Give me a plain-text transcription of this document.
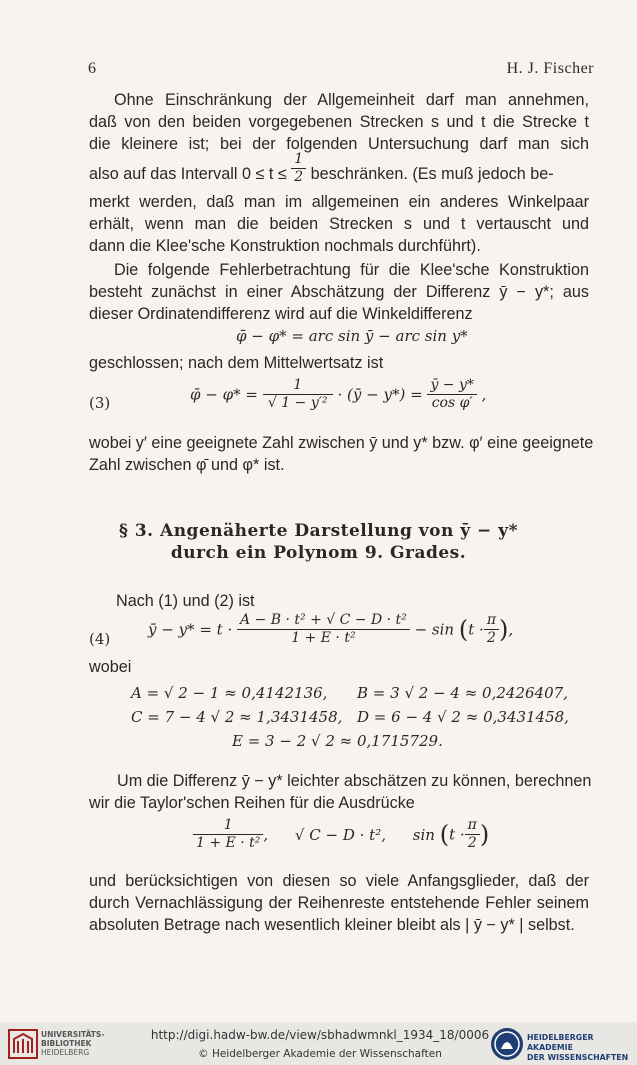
6	H. J. Fischer
Ohne Einschränkung der Allgemeinheit darf man annehmen,
daß von den beiden vorgegebenen Strecken s und t die Strecke t
die kleinere ist; bei der folgenden Untersuchung darf man sich
also auf das Intervall $0 \le t \le \frac{1}{2}$ beschränken. (Es muß jedoch be-
merkt werden, daß man im allgemeinen ein anderes Winkelpaar
erhält, wenn man die beiden Strecken s und t vertauscht und
dann die Klee'sche Konstruktion nochmals durchführt).
Die folgende Fehlerbetrachtung für die Klee'sche Konstruktion
besteht zunächst in einer Abschätzung der Differenz ȳ − y*; aus
dieser Ordinatendifferenz wird auf die Winkeldifferenz
φ̄ − φ* = arc sin ȳ − arc sin y*
geschlossen; nach dem Mittelwertsatz ist
(3)	φ̄ − $\varphi* = \frac{1}{\text{√ 1 − y′²}}$ · (ȳ − $y*) = \frac{ȳ - y*}{\text{cos φ′}}$ ,
wobei y′ eine geeignete Zahl zwischen ȳ und y* bzw. φ′ eine geeignete
Zahl zwischen φ̄ und φ* ist.
§ 3. Angenäherte Darstellung von ȳ − y*
durch ein Polynom 9. Grades.
Nach (1) und (2) ist
(4)
ȳ − $y* = t \cdot \frac{\text{A − B · t² + √ C − D · t²}}{\text{1 + E · t²}} - \sin (t \cdot \frac{\pi}{2}$ ),
wobei
A = √ 2 − 1 ≈ 0,4142136, B = 3 √ 2 − 4 ≈ 0,2426407,
C = 7 − 4 √ 2 ≈ 1,3431458, D = 6 − 4 √ 2 ≈ 0,3431458,
E = 3 − 2 √ 2 ≈ 0,1715729.
Um die Differenz ȳ − y* leichter abschätzen zu können, berechnen
wir die Taylor'schen Reihen für die Ausdrücke
$\frac{1}{\text{1 + E · t²}}$ , √ C − D · t², $\sin (t \cdot \frac{\pi}{2}$ )
und berücksichtigen von diesen so viele Anfangsglieder, daß der
durch Vernachlässigung der Reihenreste entstehende Fehler seinem
absoluten Betrage nach wesentlich kleiner bleibt als | ȳ − y* | selbst.
UNIVERSITÄTS-
BIBLIOTHEK
HEIDELBERG
http://digi.hadw-bw.de/view/sbhadwmnkl_1934_18/0006
© Heidelberger Akademie der Wissenschaften
HEIDELBERGER AKADEMIE
DER WISSENSCHAFTEN
